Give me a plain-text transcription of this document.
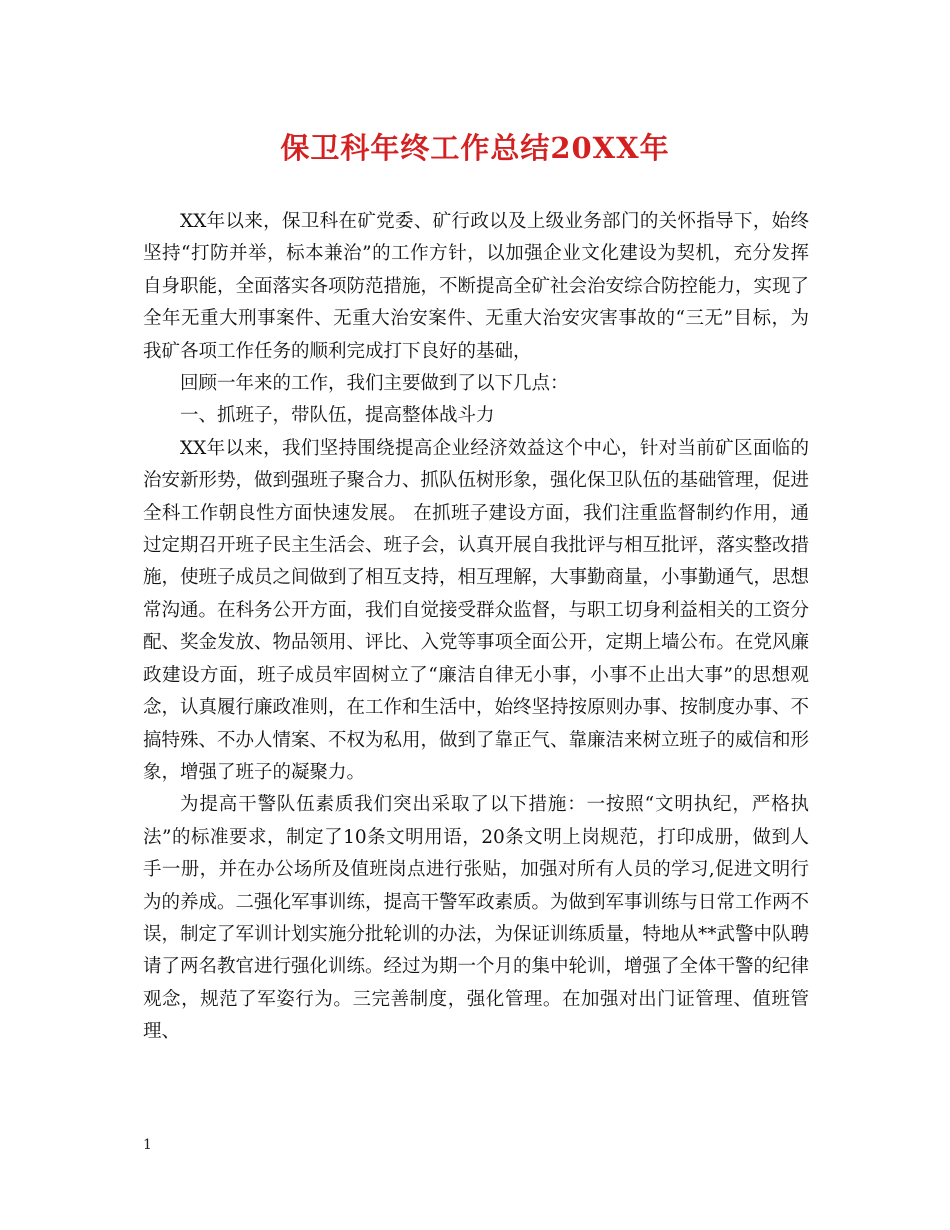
保卫科年终工作总结20XX年

XX年以来，保卫科在矿党委、矿行政以及上级业务部门的关怀指导下，始终坚持“打防并举，标本兼治”的工作方针，以加强企业文化建设为契机，充分发挥自身职能，全面落实各项防范措施，不断提高全矿社会治安综合防控能力，实现了全年无重大刑事案件、无重大治安案件、无重大治安灾害事故的“三无”目标，为我矿各项工作任务的顺利完成打下良好的基础，

回顾一年来的工作，我们主要做到了以下几点：

一、抓班子，带队伍，提高整体战斗力

XX年以来，我们坚持围绕提高企业经济效益这个中心，针对当前矿区面临的治安新形势，做到强班子聚合力、抓队伍树形象，强化保卫队伍的基础管理，促进全科工作朝良性方面快速发展。 在抓班子建设方面，我们注重监督制约作用，通过定期召开班子民主生活会、班子会，认真开展自我批评与相互批评，落实整改措施，使班子成员之间做到了相互支持，相互理解，大事勤商量，小事勤通气，思想常沟通。在科务公开方面，我们自觉接受群众监督，与职工切身利益相关的工资分配、奖金发放、物品领用、评比、入党等事项全面公开，定期上墙公布。在党风廉政建设方面，班子成员牢固树立了“廉洁自律无小事，小事不止出大事”的思想观念，认真履行廉政准则，在工作和生活中，始终坚持按原则办事、按制度办事、不搞特殊、不办人情案、不权为私用，做到了靠正气、靠廉洁来树立班子的威信和形象，增强了班子的凝聚力。

为提高干警队伍素质我们突出采取了以下措施：一按照“文明执纪，严格执法”的标准要求，制定了10条文明用语，20条文明上岗规范，打印成册，做到人手一册，并在办公场所及值班岗点进行张贴，加强对所有人员的学习,促进文明行为的养成。二强化军事训练，提高干警军政素质。为做到军事训练与日常工作两不误，制定了军训计划实施分批轮训的办法，为保证训练质量，特地从**武警中队聘请了两名教官进行强化训练。经过为期一个月的集中轮训，增强了全体干警的纪律观念，规范了军姿行为。三完善制度，强化管理。在加强对出门证管理、值班管理、

1
